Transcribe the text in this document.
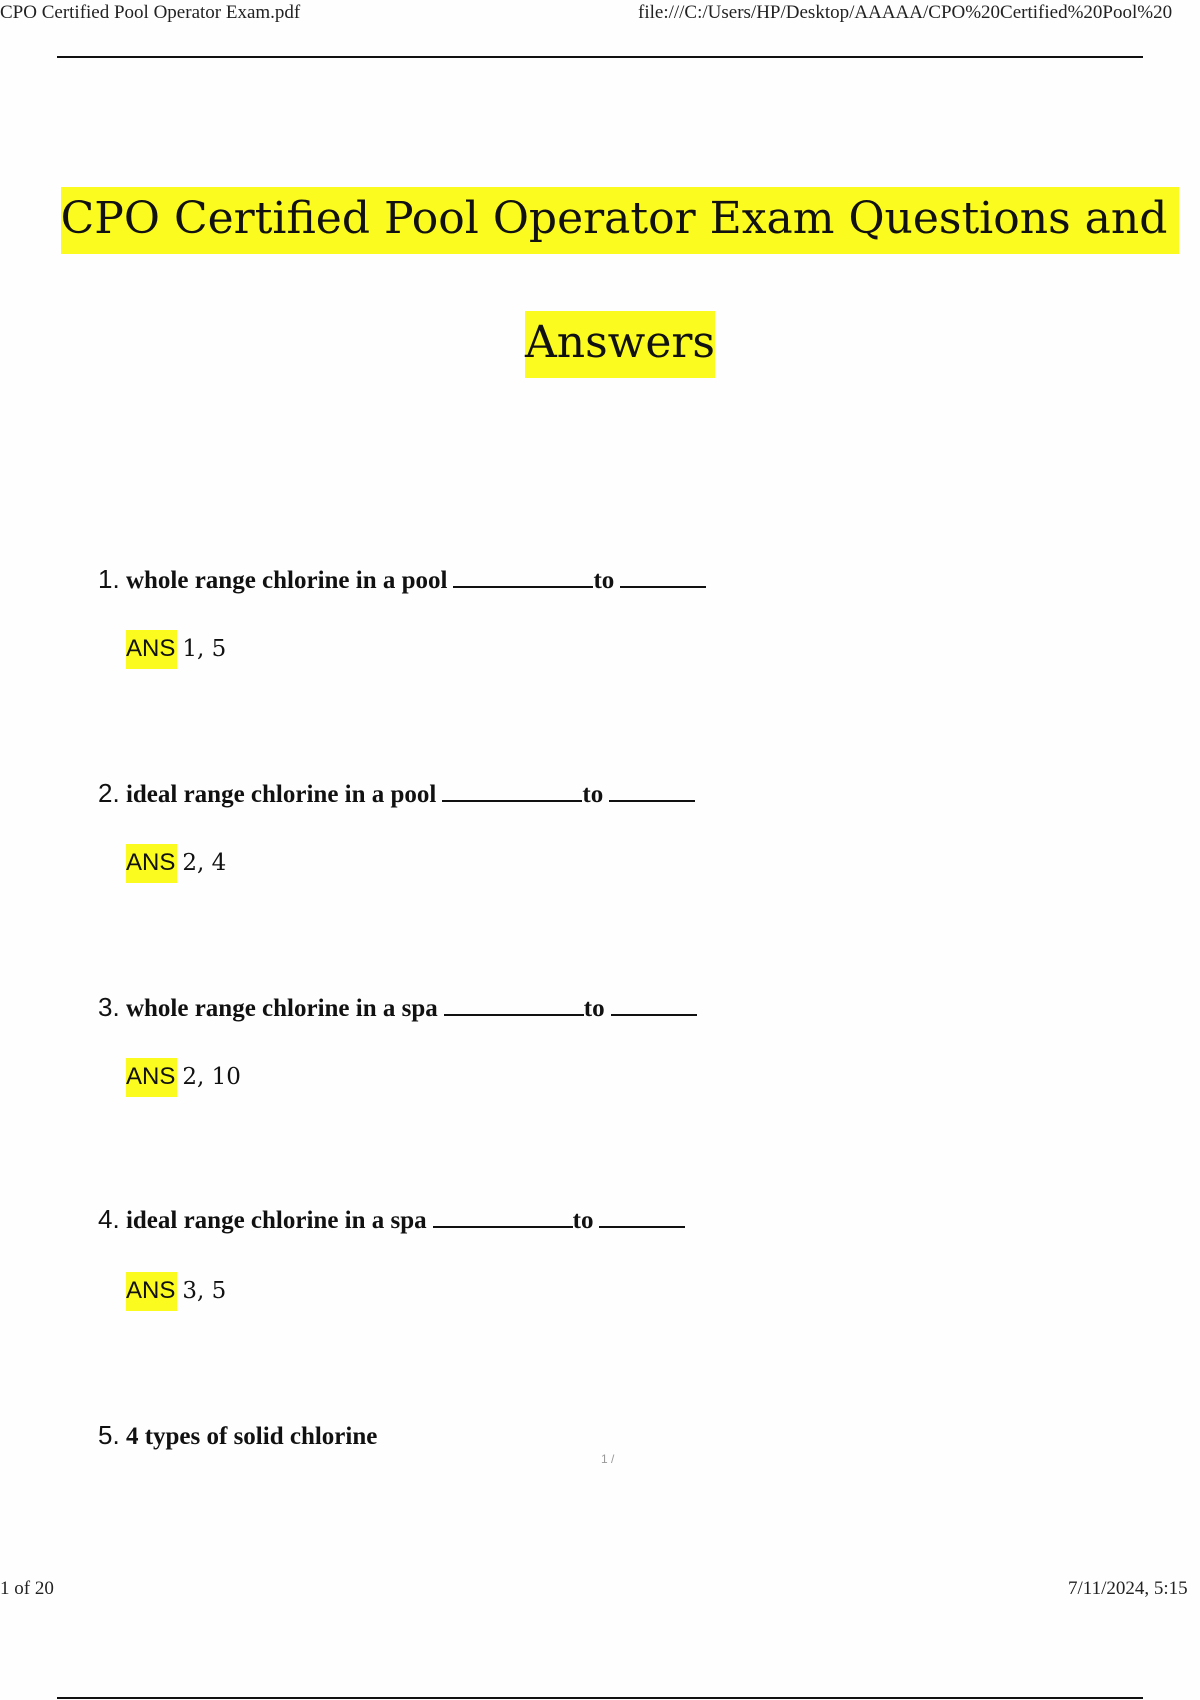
CPO Certified Pool Operator Exam.pdf	file:///C:/Users/HP/Desktop/AAAAA/CPO%20Certified%20Pool%20
CPO Certified Pool Operator Exam Questions and
Answers
1. whole range chlorine in a pool	to
ANS 1, 5
2. ideal range chlorine in a pool	to
ANS 2, 4
3. whole range chlorine in a spa	to
ANS 2, 10
4. ideal range chlorine in a spa	to
ANS 3, 5
5. 4 types of solid chlorine
1 /
1 of 20	7/11/2024, 5:15
